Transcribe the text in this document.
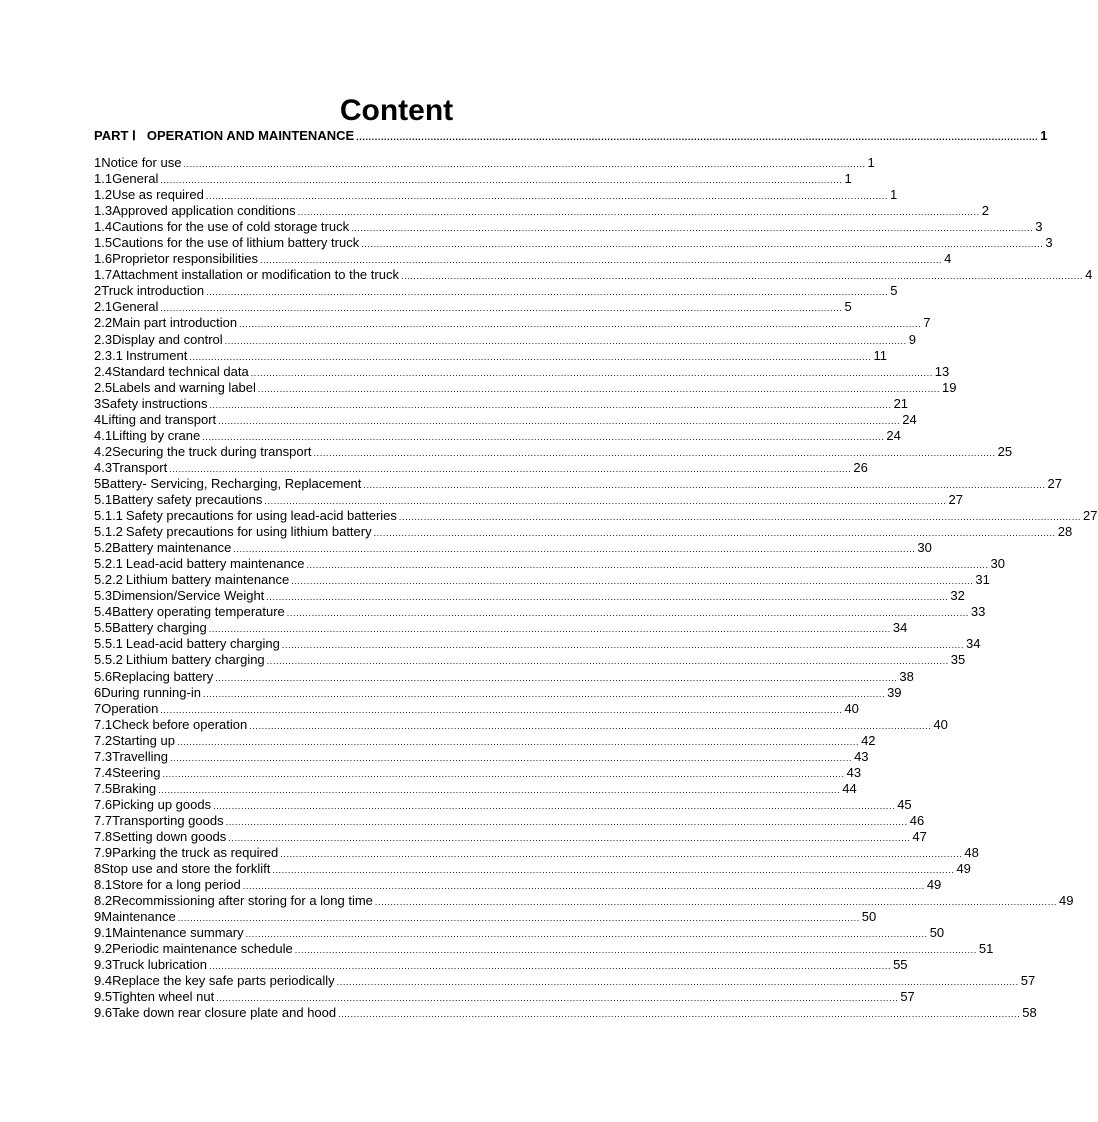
Content
PART Ⅰ OPERATION AND MAINTENANCE ............................................................................................................................................................................................................................ 1
1 Notice for use ............................................................................................................................................................................................................................ 1
1.1 General ............................................................................................................................................................................................................................ 1
1.2 Use as required ............................................................................................................................................................................................................................ 1
1.3 Approved application conditions ............................................................................................................................................................................................................................ 2
1.4 Cautions for the use of cold storage truck ............................................................................................................................................................................................................................ 3
1.5 Cautions for the use of lithium battery truck ............................................................................................................................................................................................................................ 3
1.6 Proprietor responsibilities ............................................................................................................................................................................................................................ 4
1.7 Attachment installation or modification to the truck ............................................................................................................................................................................................................................ 4
2 Truck introduction ............................................................................................................................................................................................................................ 5
2.1 General ............................................................................................................................................................................................................................ 5
2.2 Main part introduction ............................................................................................................................................................................................................................ 7
2.3 Display and control ............................................................................................................................................................................................................................ 9
2.3.1 Instrument ............................................................................................................................................................................................................................ 11
2.4 Standard technical data ............................................................................................................................................................................................................................ 13
2.5 Labels and warning label ............................................................................................................................................................................................................................ 19
3 Safety instructions ............................................................................................................................................................................................................................ 21
4 Lifting and transport ............................................................................................................................................................................................................................ 24
4.1 Lifting by crane ............................................................................................................................................................................................................................ 24
4.2 Securing the truck during transport ............................................................................................................................................................................................................................ 25
4.3 Transport ............................................................................................................................................................................................................................ 26
5 Battery- Servicing, Recharging, Replacement ............................................................................................................................................................................................................................ 27
5.1 Battery safety precautions ............................................................................................................................................................................................................................ 27
5.1.1 Safety precautions for using lead-acid batteries ............................................................................................................................................................................................................................ 27
5.1.2 Safety precautions for using lithium battery ............................................................................................................................................................................................................................ 28
5.2 Battery maintenance ............................................................................................................................................................................................................................ 30
5.2.1 Lead-acid battery maintenance ............................................................................................................................................................................................................................ 30
5.2.2 Lithium battery maintenance ............................................................................................................................................................................................................................ 31
5.3 Dimension/Service Weight ............................................................................................................................................................................................................................ 32
5.4 Battery operating temperature ............................................................................................................................................................................................................................ 33
5.5 Battery charging ............................................................................................................................................................................................................................ 34
5.5.1 Lead-acid battery charging ............................................................................................................................................................................................................................ 34
5.5.2 Lithium battery charging ............................................................................................................................................................................................................................ 35
5.6 Replacing battery ............................................................................................................................................................................................................................ 38
6 During running-in ............................................................................................................................................................................................................................ 39
7 Operation ............................................................................................................................................................................................................................ 40
7.1 Check before operation ............................................................................................................................................................................................................................ 40
7.2 Starting up ............................................................................................................................................................................................................................ 42
7.3 Travelling ............................................................................................................................................................................................................................ 43
7.4 Steering ............................................................................................................................................................................................................................ 43
7.5 Braking ............................................................................................................................................................................................................................ 44
7.6 Picking up goods ............................................................................................................................................................................................................................ 45
7.7 Transporting goods ............................................................................................................................................................................................................................ 46
7.8 Setting down goods ............................................................................................................................................................................................................................ 47
7.9 Parking the truck as required ............................................................................................................................................................................................................................ 48
8 Stop use and store the forklift ............................................................................................................................................................................................................................ 49
8.1 Store for a long period ............................................................................................................................................................................................................................ 49
8.2 Recommissioning after storing for a long time ............................................................................................................................................................................................................................ 49
9 Maintenance ............................................................................................................................................................................................................................ 50
9.1 Maintenance summary ............................................................................................................................................................................................................................ 50
9.2 Periodic maintenance schedule ............................................................................................................................................................................................................................ 51
9.3 Truck lubrication ............................................................................................................................................................................................................................ 55
9.4 Replace the key safe parts periodically ............................................................................................................................................................................................................................ 57
9.5 Tighten wheel nut ............................................................................................................................................................................................................................ 57
9.6 Take down rear closure plate and hood ............................................................................................................................................................................................................................ 58
